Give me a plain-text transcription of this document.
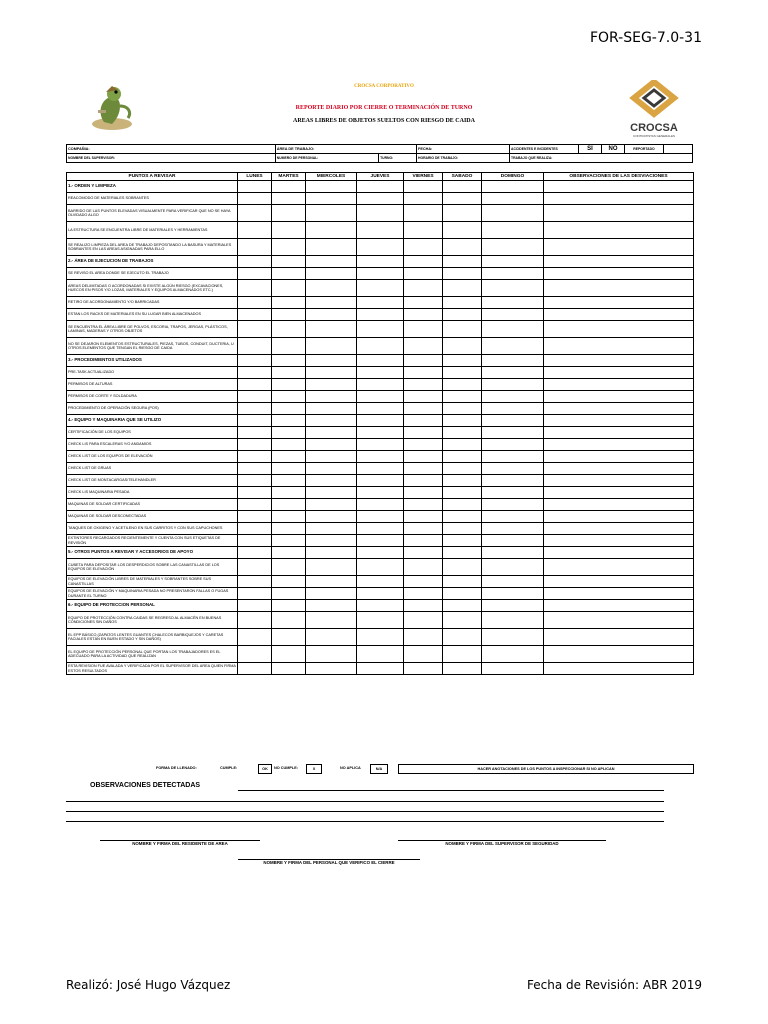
FOR-SEG-7.0-31
CROCSA CORPORATIVO
REPORTE DIARIO POR CIERRE O TERMINACIÓN DE TURNO
AREAS LIBRES DE OBJETOS SUELTOS CON RIESGO DE CAIDA
CROCSA
CONTRATISTAS GENERALES
COMPAÑIA:	ÁREA DE TRABAJO:		FECHA:	ACCIDENTES E INCIDENTES	SI	NO	REPORTADO	
NOMBRE DEL SUPERVISOR:	NUMERO DE PERSONAL:	TURNO:	HORARIO DE TRABAJO:	TRABAJO QUE REALIZA:				
PUNTOS A REVISAR	LUNES	MARTES	MIERCOLES	JUEVES	VIERNES	SABADO	DOMINGO	OBSERVACIONES DE LAS DESVIACIONES
1.- ORDEN Y LIMPIEZA								
REACOMODO DE MATERIALES SOBRANTES								
BARRIDO DE LAS PUNTOS ELEVADAS VISUALMENTE PARA VERIFICAR QUE NO SE HAYA OLVIDADO ALGO								
LA ESTRUCTURA SE ENCUENTRA LIBRE DE MATERIALES Y HERRAMIENTAS								
SE REALIZO LIMPIEZA DEL AREA DE TRABAJO DEPOSITANDO LA BASURA Y MATERIALES SOBRANTES EN LAS AREAS ASIGNADAS PARA ELLO								
2.- ÁREA DE EJECUCION DE TRABAJOS								
SE REVISO EL AREA DONDE SE EJECUTO EL TRABAJO								
AREAS DELIMITADAS O ACORDONADAS SI EXISTE ALGÚN RIESGO (EXCAVACIONES, HUECOS EN PISOS Y/O LOZAS, MATERIALES Y EQUIPOS ALMACENADOS ETC.)								
RETIRO DE ACORDONAMIENTO Y/O BARRICADAS								
ESTAN LOS RACKS DE MATERIALES EN SU LUGAR BIEN ALMACENADOS								
SE ENCUENTRA EL ÁREA LIBRE DE POLVOS, ESCORIA, TRAPOS, JERGAS, PLÁSTICOS, LAMINAS, MADERAS Y OTROS OBJETOS								
NO SE DEJARON ELEMENTOS ESTRUCTURALES, PIEZAS, TUBOS, CONDUIT, DUCTERIA, U OTROS ELEMENTOS QUE TENGAN EL RIESGO DE CAIDA								
3.- PROCEDIMIENTOS UTILIZADOS								
PRE-TASK ACTUALIZADO								
PERMISOS DE ALTURAS								
PERMISOS DE CORTE Y SOLDADURA								
PROCEDIMIENTO DE OPERACIÓN SEGURA (POS)								
4.- EQUIPO Y MAQUINARIA QUE SE UTILIZO								
CERTIFICACIÓN DE LOS EQUIPOS								
CHECK LIS PARA ESCALERAS Y/O ANDAMIOS								
CHECK LIST DE LOS EQUIPOS DE ELEVACIÓN								
CHECK LIST DE GRUAS								
CHECK LIST DE MONTACARGAS/TELEHANDLER								
CHECK LIS MAQUINARIA PESADA								
MAQUINAS DE SOLDAR CERTIFICADAS								
MAQUINAS DE SOLDAR DESCONECTADAS								
TANQUES DE OXIGENO Y ACETILENO EN SUS CARRITOS Y CON SUS CAPUCHONES								
EXTINTORES RECARGADOS RECIENTEMENTE Y CUENTA CON SUS ETIQUETAS DE REVISIÓN								
5.- OTROS PUNTOS A REVISAR Y ACCESORIOS DE APOYO								
CUBETA PARA DEPOSITAR LOS DESPERDICIOS SOBRE LAS CANASTILLAS DE LOS EQUIPOS DE ELEVACIÓN								
EQUIPOS DE ELEVACIÓN LIBRES DE MATERIALES Y SOBRANTES SOBRE SUS CANASTILLAS								
EQUIPOS DE ELEVACIÓN Y MAQUINARIA PESADA NO PRESENTARON FALLAS O FUGAS DURANTE EL TURNO								
6.- EQUIPO DE PROTECCION PERSONAL								
EQUIPO DE PROTECCIÓN CONTRA CAIDAS SE REGRESO AL ALMACÉN EN BUENAS CONDICIONES SIN DAÑOS								
EL EPP BÁSICO (ZAPATOS LENTES GUANTES CHALECOS BARBIQUEJOS Y CARETAS FACIALES ESTÁN EN BUEN ESTADO Y SIN DAÑOS)								
EL EQUIPO DE PROTECCIÓN PERSONAL QUE PORTAN LOS TRABAJADORES ES EL ADECUADO PARA LA ACTIVIDAD QUE REALIZAN								
ESTA REVISION FUE AVALADA Y VERIFICADA POR EL SUPERVISOR DEL AREA QUIEN FIRMA ESTOS RESULTADOS								
FORMA DE LLENADO:	CUMPLE:	OK	NO CUMPLE:	X	NO APLICA	N/A	HACER ANOTACIONES DE LOS PUNTOS A INSPECCIONAR SI NO APLICAN
OBSERVACIONES DETECTADAS
NOMBRE Y FIRMA DEL RESIDENTE DE AREA	NOMBRE Y FIRMA DEL SUPERVISOR DE SEGURIDAD
NOMBRE Y FIRMA DEL PERSONAL QUE VERIFICO EL CIERRE
Realizó: José Hugo Vázquez	Fecha de Revisión: ABR 2019
